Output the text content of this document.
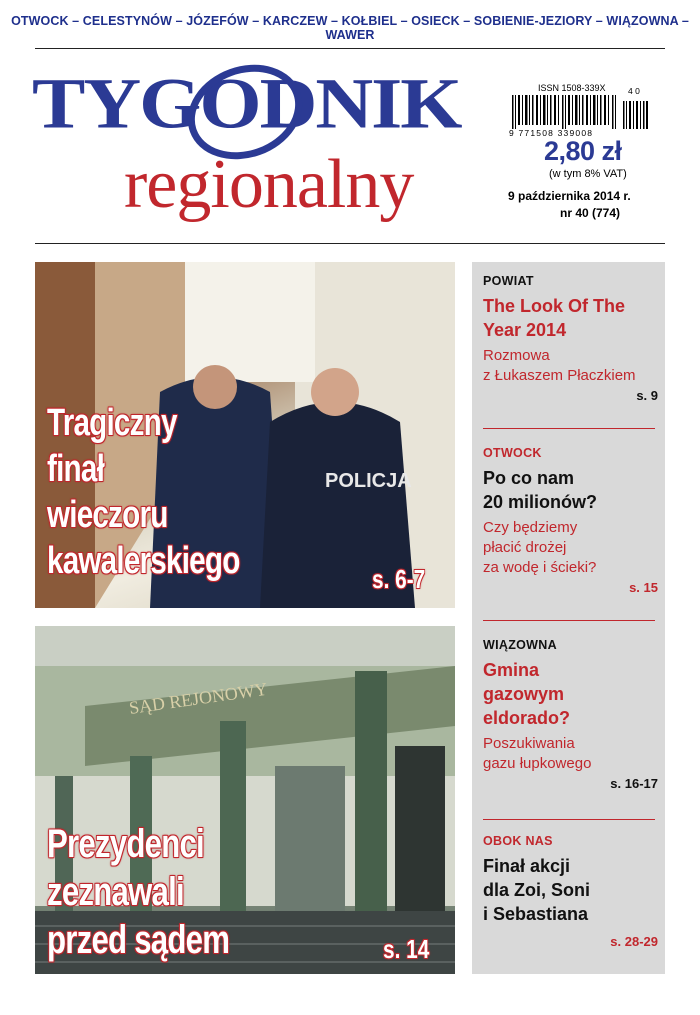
OTWOCK – CELESTYNÓW – JÓZEFÓW – KARCZEW – KOŁBIEL – OSIECK – SOBIENIE-JEZIORY – WIĄZOWNA – WAWER
TYGODNIK
regionalny
ISSN 1508-339X
9 771508 339008
4 0
2,80 zł
(w tym 8% VAT)
9 października 2014 r.
nr 40 (774)
POLICJA
Tragiczny
finał
wieczoru
kawalerskiego	s. 6-7
SĄD REJONOWY
Prezydenci
zeznawali
przed sądem	s. 14
POWIAT
The Look Of The
Year 2014
Rozmowa
z Łukaszem Płaczkiem
s. 9
OTWOCK
Po co nam
20 milionów?
Czy będziemy
płacić drożej
za wodę i ścieki?
s. 15
WIĄZOWNA
Gmina
gazowym
eldorado?
Poszukiwania
gazu łupkowego
s. 16-17
OBOK NAS
Finał akcji
dla Zoi, Soni
i Sebastiana
s. 28-29
